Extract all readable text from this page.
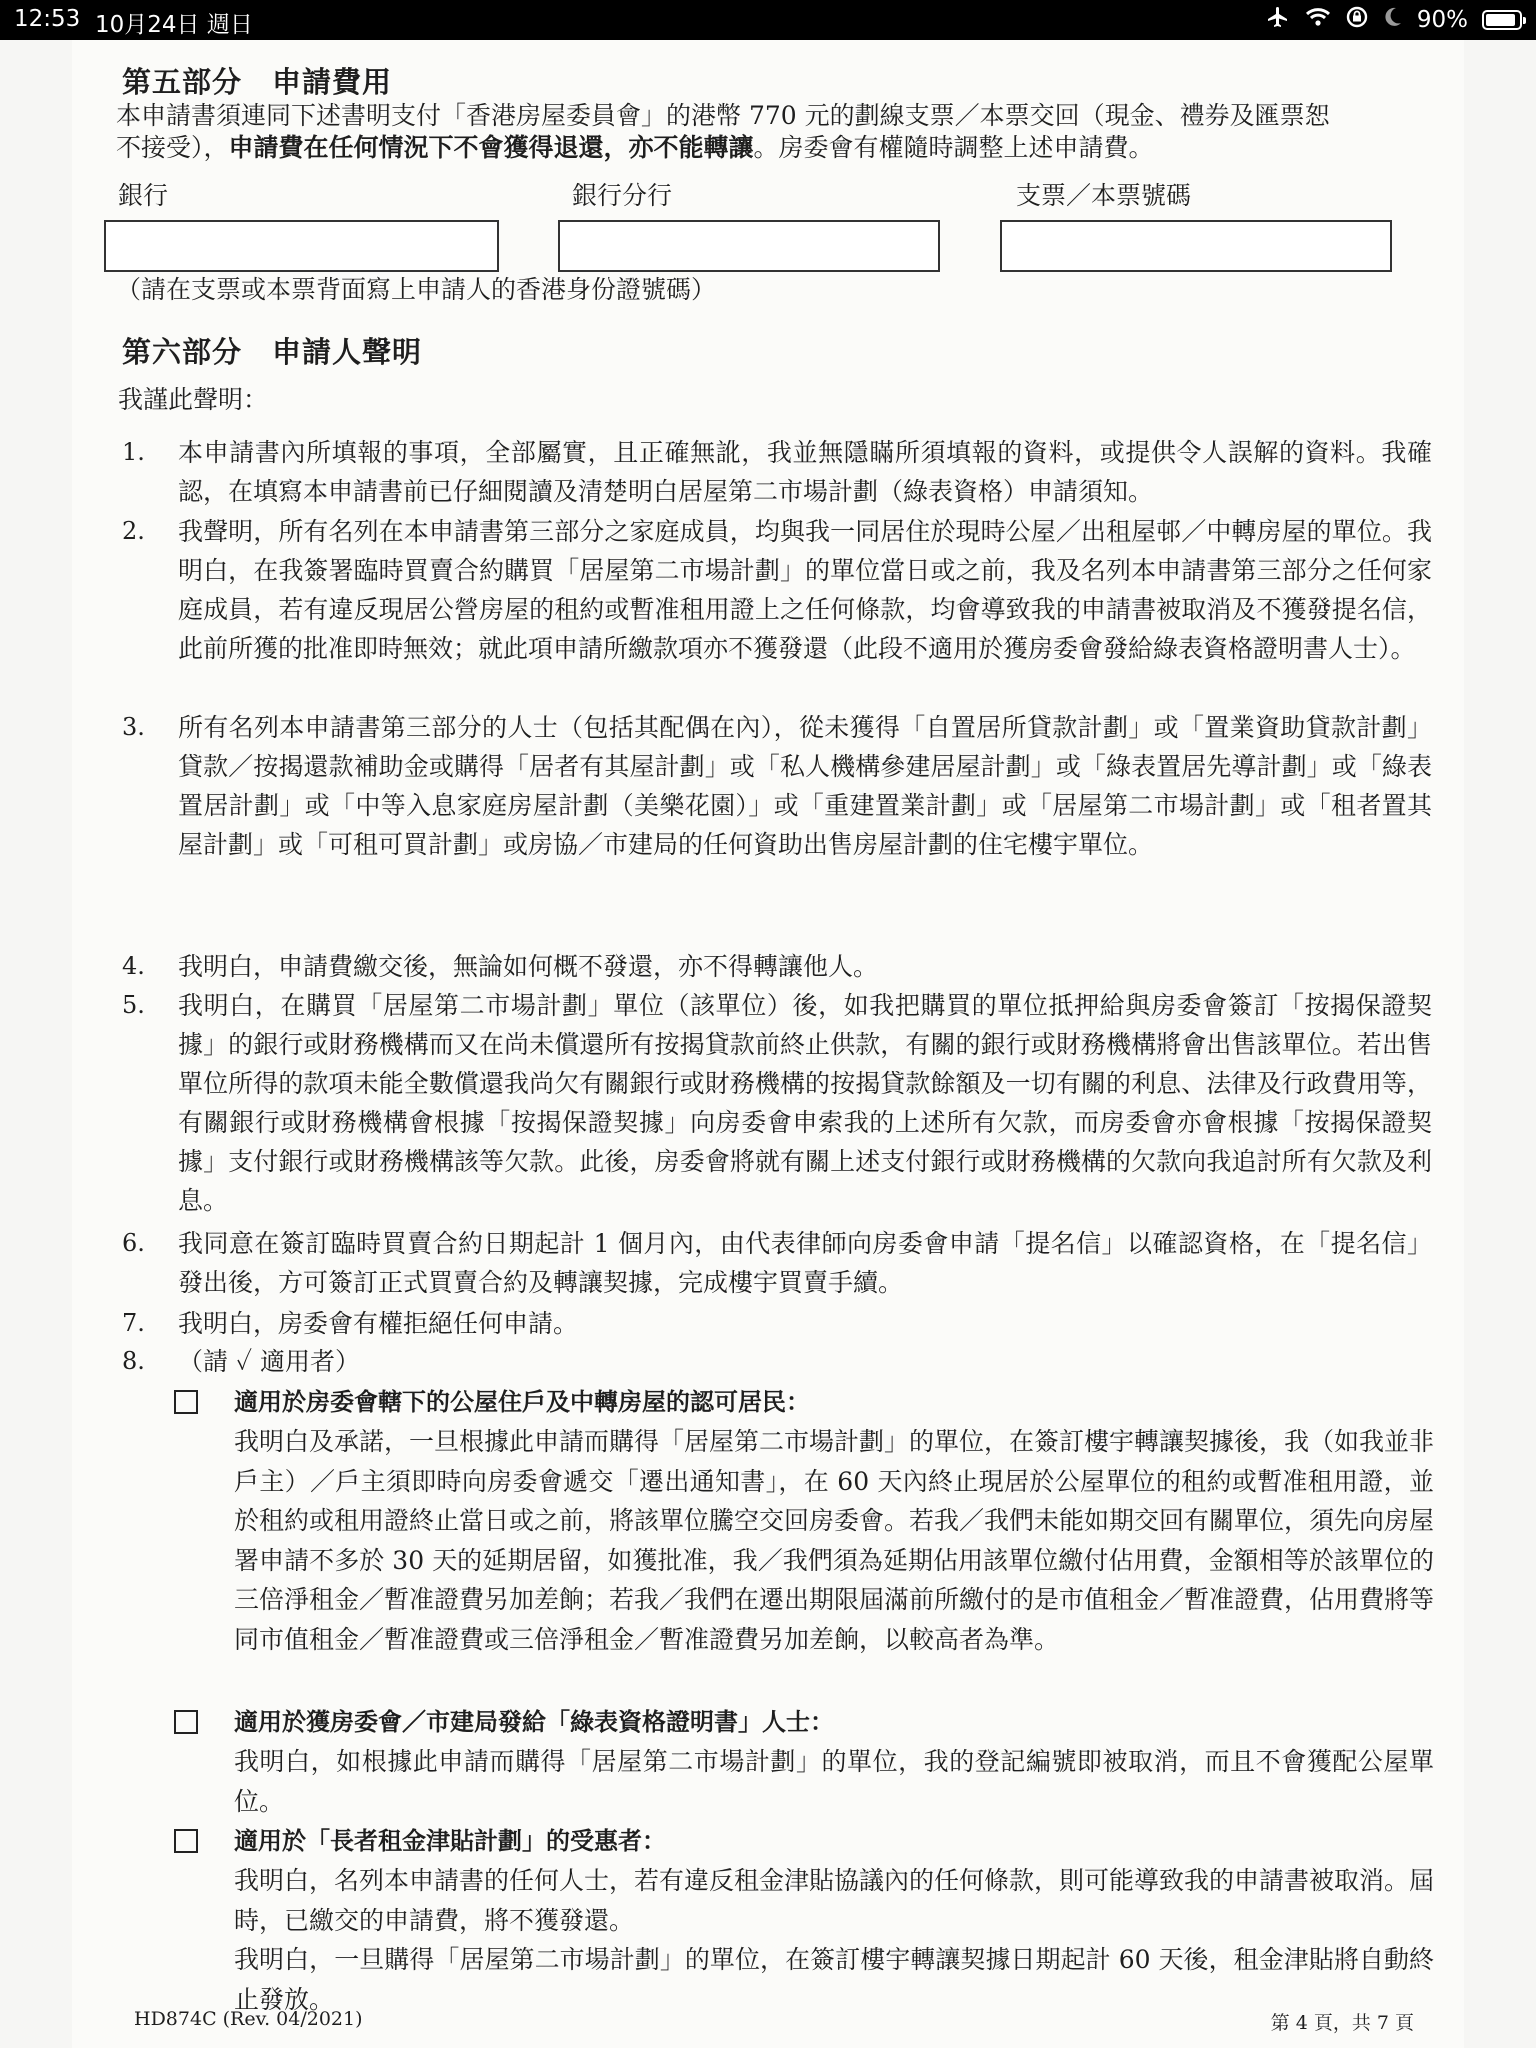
12:53 10月24日 週日	90%
第五部分　申請費用
本申請書須連同下述書明支付「香港房屋委員會」的港幣 770 元的劃線支票／本票交回（現金、禮券及匯票恕
不接受），申請費在任何情況下不會獲得退還，亦不能轉讓。房委會有權隨時調整上述申請費。
銀行	銀行分行	支票／本票號碼
（請在支票或本票背面寫上申請人的香港身份證號碼）
第六部分　申請人聲明
我謹此聲明：
1.	本申請書內所填報的事項，全部屬實，且正確無訛，我並無隱瞞所須填報的資料，或提供令人誤解的資料。我確認，在填寫本申請書前已仔細閱讀及清楚明白居屋第二市場計劃（綠表資格）申請須知。
2.	我聲明，所有名列在本申請書第三部分之家庭成員，均與我一同居住於現時公屋／出租屋邨／中轉房屋的單位。我明白，在我簽署臨時買賣合約購買「居屋第二市場計劃」的單位當日或之前，我及名列本申請書第三部分之任何家庭成員，若有違反現居公營房屋的租約或暫准租用證上之任何條款，均會導致我的申請書被取消及不獲發提名信，此前所獲的批准即時無效；就此項申請所繳款項亦不獲發還（此段不適用於獲房委會發給綠表資格證明書人士）。
3.	所有名列本申請書第三部分的人士（包括其配偶在內），從未獲得「自置居所貸款計劃」或「置業資助貸款計劃」貸款／按揭還款補助金或購得「居者有其屋計劃」或「私人機構參建居屋計劃」或「綠表置居先導計劃」或「綠表置居計劃」或「中等入息家庭房屋計劃（美樂花園）」或「重建置業計劃」或「居屋第二市場計劃」或「租者置其屋計劃」或「可租可買計劃」或房協／市建局的任何資助出售房屋計劃的住宅樓宇單位。
4.	我明白，申請費繳交後，無論如何概不發還，亦不得轉讓他人。
5.	我明白，在購買「居屋第二市場計劃」單位（該單位）後，如我把購買的單位抵押給與房委會簽訂「按揭保證契據」的銀行或財務機構而又在尚未償還所有按揭貸款前終止供款，有關的銀行或財務機構將會出售該單位。若出售單位所得的款項未能全數償還我尚欠有關銀行或財務機構的按揭貸款餘額及一切有關的利息、法律及行政費用等，有關銀行或財務機構會根據「按揭保證契據」向房委會申索我的上述所有欠款，而房委會亦會根據「按揭保證契據」支付銀行或財務機構該等欠款。此後，房委會將就有關上述支付銀行或財務機構的欠款向我追討所有欠款及利息。
6.	我同意在簽訂臨時買賣合約日期起計 1 個月內，由代表律師向房委會申請「提名信」以確認資格，在「提名信」發出後，方可簽訂正式買賣合約及轉讓契據，完成樓宇買賣手續。
7.	我明白，房委會有權拒絕任何申請。
8.	（請 ✓ 適用者）
適用於房委會轄下的公屋住戶及中轉房屋的認可居民：
我明白及承諾，一旦根據此申請而購得「居屋第二市場計劃」的單位，在簽訂樓宇轉讓契據後，我（如我並非戶主）／戶主須即時向房委會遞交「遷出通知書」，在 60 天內終止現居於公屋單位的租約或暫准租用證，並於租約或租用證終止當日或之前，將該單位騰空交回房委會。若我／我們未能如期交回有關單位，須先向房屋署申請不多於 30 天的延期居留，如獲批准，我／我們須為延期佔用該單位繳付佔用費，金額相等於該單位的三倍淨租金／暫准證費另加差餉；若我／我們在遷出期限屆滿前所繳付的是市值租金／暫准證費，佔用費將等同市值租金／暫准證費或三倍淨租金／暫准證費另加差餉，以較高者為準。
適用於獲房委會／市建局發給「綠表資格證明書」人士：
我明白，如根據此申請而購得「居屋第二市場計劃」的單位，我的登記編號即被取消，而且不會獲配公屋單位。
適用於「長者租金津貼計劃」的受惠者：
我明白，名列本申請書的任何人士，若有違反租金津貼協議內的任何條款，則可能導致我的申請書被取消。屆時，已繳交的申請費，將不獲發還。
我明白，一旦購得「居屋第二市場計劃」的單位，在簽訂樓宇轉讓契據日期起計 60 天後，租金津貼將自動終止發放。
HD874C (Rev. 04/2021)	第 4 頁，共 7 頁
